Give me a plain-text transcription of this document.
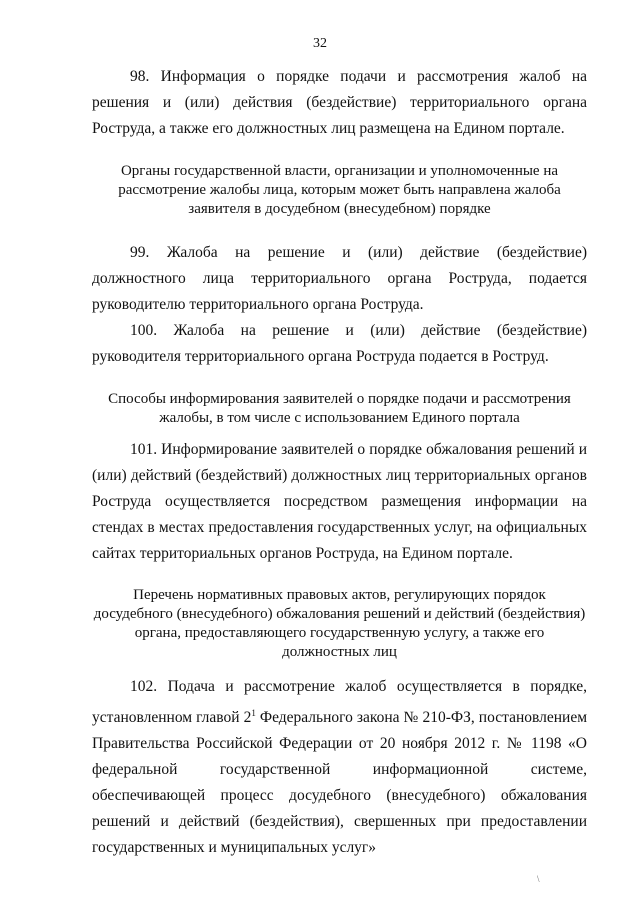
32
98. Информация о порядке подачи и рассмотрения жалоб на решения и (или) действия (бездействие) территориального органа Роструда, а также его должностных лиц размещена на Едином портале.
Органы государственной власти, организации и уполномоченные на рассмотрение жалобы лица, которым может быть направлена жалоба заявителя в досудебном (внесудебном) порядке
99. Жалоба на решение и (или) действие (бездействие) должностного лица территориального органа Роструда, подается руководителю территориального органа Роструда.
100. Жалоба на решение и (или) действие (бездействие) руководителя территориального органа Роструда подается в Роструд.
Способы информирования заявителей о порядке подачи и рассмотрения жалобы, в том числе с использованием Единого портала
101. Информирование заявителей о порядке обжалования решений и (или) действий (бездействий) должностных лиц территориальных органов Роструда осуществляется посредством размещения информации на стендах в местах предоставления государственных услуг, на официальных сайтах территориальных органов Роструда, на Едином портале.
Перечень нормативных правовых актов, регулирующих порядок досудебного (внесудебного) обжалования решений и действий (бездействия) органа, предоставляющего государственную услугу, а также его должностных лиц
102. Подача и рассмотрение жалоб осуществляется в порядке, установленном главой $2^1$ Федерального закона № 210-ФЗ, постановлением Правительства Российской Федерации от 20 ноября 2012 г. № 1198 «О федеральной государственной информационной системе, обеспечивающей процесс досудебного (внесудебного) обжалования решений и действий (бездействия), свершенных при предоставлении государственных и муниципальных услуг»
\
